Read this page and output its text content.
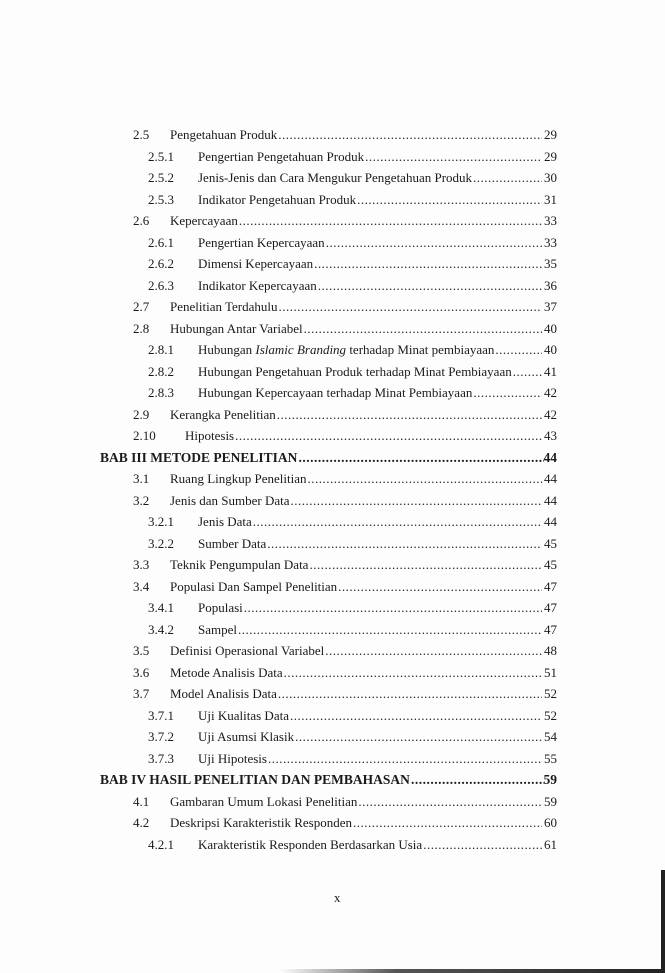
2.5 Pengetahuan Produk .....	29
2.5.1 Pengertian Pengetahuan Produk .....	29
2.5.2 Jenis-Jenis dan Cara Mengukur Pengetahuan Produk .....	30
2.5.3 Indikator Pengetahuan Produk .....	31
2.6 Kepercayaan .....	33
2.6.1 Pengertian Kepercayaan .....	33
2.6.2 Dimensi Kepercayaan .....	35
2.6.3 Indikator Kepercayaan .....	36
2.7 Penelitian Terdahulu .....	37
2.8 Hubungan Antar Variabel .....	40
2.8.1 Hubungan Islamic Branding terhadap Minat pembiayaan .....	40
2.8.2 Hubungan Pengetahuan Produk terhadap Minat Pembiayaan ..... 41
2.8.3 Hubungan Kepercayaan terhadap Minat Pembiayaan .....	42
2.9 Kerangka Penelitian .....	42
2.10 Hipotesis .....	43
BAB III METODE PENELITIAN .....	44
3.1 Ruang Lingkup Penelitian .....	44
3.2 Jenis dan Sumber Data .....	44
3.2.1 Jenis Data .....	44
3.2.2 Sumber Data .....	45
3.3 Teknik Pengumpulan Data .....	45
3.4 Populasi Dan Sampel Penelitian .....	47
3.4.1 Populasi .....	47
3.4.2 Sampel .....	47
3.5 Definisi Operasional Variabel .....	48
3.6 Metode Analisis Data .....	51
3.7 Model Analisis Data .....	52
3.7.1 Uji Kualitas Data .....	52
3.7.2 Uji Asumsi Klasik .....	54
3.7.3 Uji Hipotesis .....	55
BAB IV HASIL PENELITIAN DAN PEMBAHASAN .....	59
4.1 Gambaran Umum Lokasi Penelitian .....	59
4.2 Deskripsi Karakteristik Responden .....	60
4.2.1 Karakteristik Responden Berdasarkan Usia .....	61
x
